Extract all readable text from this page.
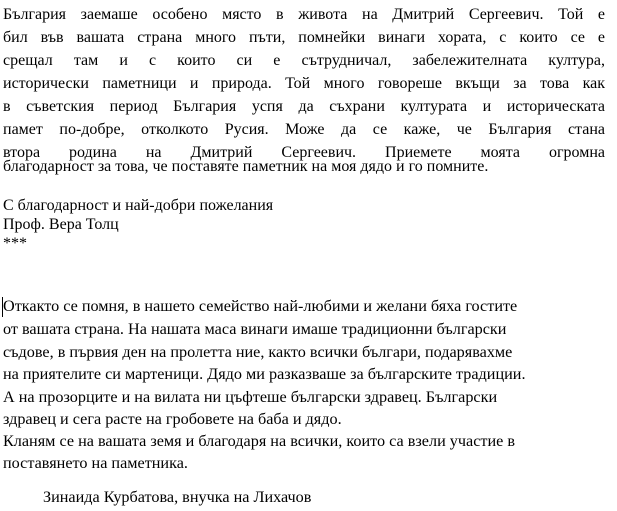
България заемаше особено място в живота на Дмитрий Сергеевич. Той е

бил във вашата страна много пъти, помнейки винаги хората, с които се е

срещал там и с които си е сътрудничал, забележителната култура,

исторически паметници и природа. Той много говореше вкъщи за това как

в съветския период България успя да съхрани културата и историческата

памет по-добре, отколкото Русия. Може да се каже, че България стана

втора родина на Дмитрий Сергеевич. Приемете моята огромна

благодарност за това, че поставяте паметник на моя дядо и го помните.

С благодарност и най-добри пожелания

Проф. Вера Толц

***

Откакто се помня, в нашето семейство най-любими и желани бяха гостите

от вашата страна. На нашата маса винаги имаше традиционни български

съдове, в първия ден на пролетта ние, както всички българи, подарявахме

на приятелите си мартеници. Дядо ми разказваше за българските традиции.

А на прозорците и на вилата ни цъфтеше български здравец. Български

здравец и сега расте на гробовете на баба и дядо.

Кланям се на вашата земя и благодаря на всички, които са взели участие в

поставянето на паметника.

Зинаида Курбатова, внучка на Лихачов
